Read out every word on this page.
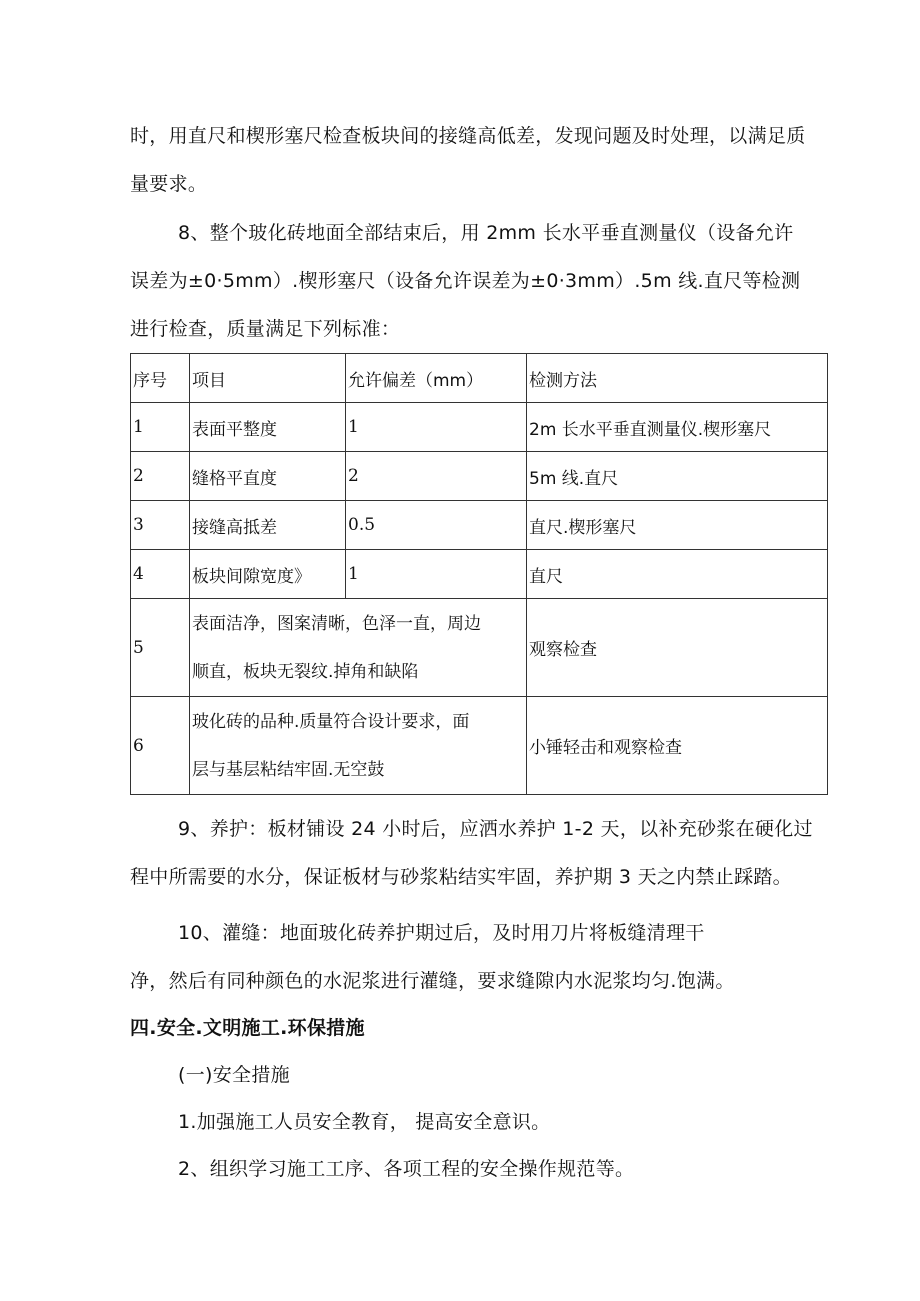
时，用直尺和楔形塞尺检查板块间的接缝高低差，发现问题及时处理，以满足质
量要求。
8、整个玻化砖地面全部结束后，用 2mm 长水平垂直测量仪（设备允许
误差为±0·5mm）.楔形塞尺（设备允许误差为±0·3mm）.5m 线.直尺等检测
进行检查，质量满足下列标准：
序号	项目	允许偏差（mm）	检测方法
1	表面平整度	1	2m 长水平垂直测量仪.楔形塞尺
2	缝格平直度	2	5m 线.直尺
3	接缝高抵差	0.5	直尺.楔形塞尺
4	板块间隙宽度》	1	直尺
5	表面洁净，图案清晰，色泽一直，周边
顺直，板块无裂纹.掉角和缺陷		观察检查
6	玻化砖的品种.质量符合设计要求，面
层与基层粘结牢固.无空鼓		小锤轻击和观察检查
9、养护：板材铺设 24 小时后，应洒水养护 1-2 天，以补充砂浆在硬化过
程中所需要的水分，保证板材与砂浆粘结实牢固，养护期 3 天之内禁止踩踏。
10、灌缝：地面玻化砖养护期过后，及时用刀片将板缝清理干
净，然后有同种颜色的水泥浆进行灌缝，要求缝隙内水泥浆均匀.饱满。
四.安全.文明施工.环保措施
(一)安全措施
1.加强施工人员安全教育， 提高安全意识。
2、组织学习施工工序、各项工程的安全操作规范等。
